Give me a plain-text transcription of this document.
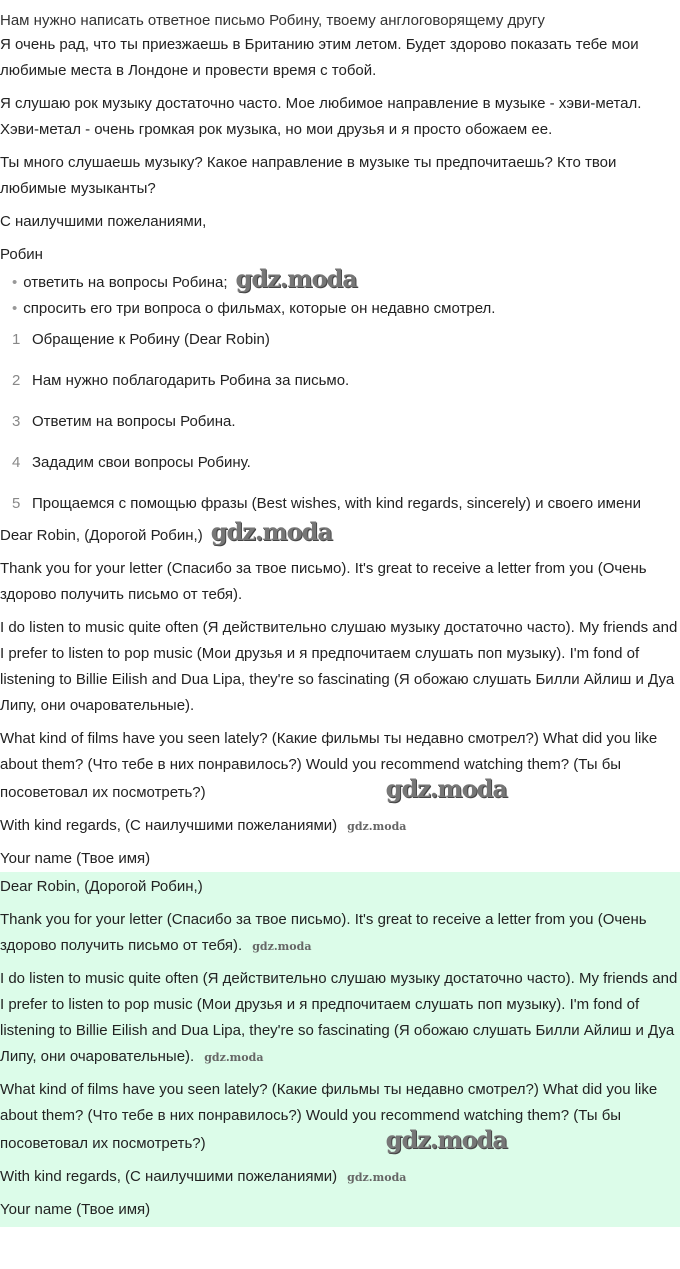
Нам нужно написать ответное письмо Робину, твоему англоговорящему другу

Я очень рад, что ты приезжаешь в Британию этим летом. Будет здорово показать тебе мои любимые места в Лондоне и провести время с тобой.

Я слушаю рок музыку достаточно часто. Мое любимое направление в музыке - хэви-метал. Хэви-метал - очень громкая рок музыка, но мои друзья и я просто обожаем ее.

Ты много слушаешь музыку? Какое направление в музыке ты предпочитаешь? Кто твои любимые музыканты?

С наилучшими пожеланиями,

Робин

• ответить на вопросы Робина; gdz.moda
• спросить его три вопроса о фильмах, которые он недавно смотрел.
1 Обращение к Робину (Dear Robin)
2 Нам нужно поблагодарить Робина за письмо.
3 Ответим на вопросы Робина.
4 Зададим свои вопросы Робину.
5 Прощаемся с помощью фразы (Best wishes, with kind regards, sincerely) и своего имени

Dear Robin, (Дорогой Робин,) gdz.moda

Thank you for your letter (Спасибо за твое письмо). It's great to receive a letter from you (Очень здорово получить письмо от тебя).

I do listen to music quite often (Я действительно слушаю музыку достаточно часто). My friends and I prefer to listen to pop music (Мои друзья и я предпочитаем слушать поп музыку). I'm fond of listening to Billie Eilish and Dua Lipa, they're so fascinating (Я обожаю слушать Билли Айлиш и Дуа Липу, они очаровательные).

What kind of films have you seen lately? (Какие фильмы ты недавно смотрел?) What did you like about them? (Что тебе в них понравилось?) Would you recommend watching them? (Ты бы посоветовал их посмотреть?)	gdz.moda

With kind regards, (С наилучшими пожеланиями) gdz.moda

Your name (Твое имя)

Dear Robin, (Дорогой Робин,)

Thank you for your letter (Спасибо за твое письмо). It's great to receive a letter from you (Очень здорово получить письмо от тебя). gdz.moda

I do listen to music quite often (Я действительно слушаю музыку достаточно часто). My friends and I prefer to listen to pop music (Мои друзья и я предпочитаем слушать поп музыку). I'm fond of listening to Billie Eilish and Dua Lipa, they're so fascinating (Я обожаю слушать Билли Айлиш и Дуа Липу, они очаровательные). gdz.moda

What kind of films have you seen lately? (Какие фильмы ты недавно смотрел?) What did you like about them? (Что тебе в них понравилось?) Would you recommend watching them? (Ты бы посоветовал их посмотреть?)	gdz.moda

With kind regards, (С наилучшими пожеланиями) gdz.moda

Your name (Твое имя)
